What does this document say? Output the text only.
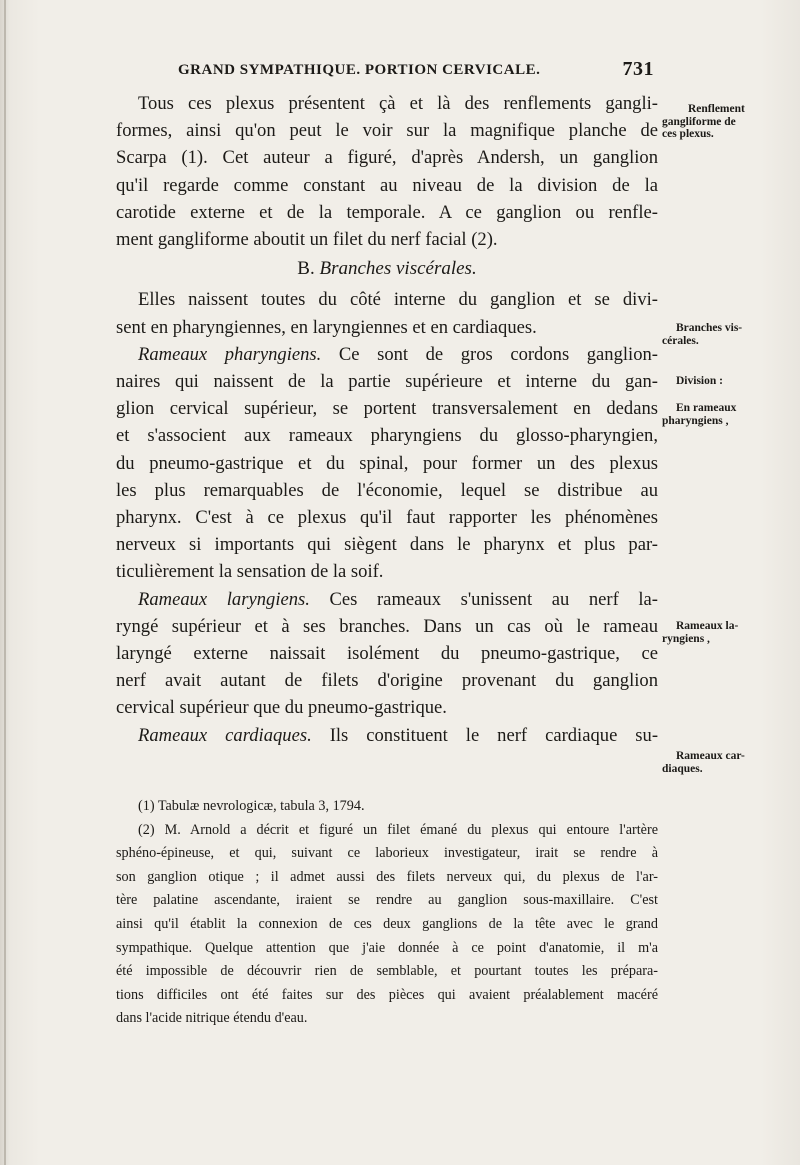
GRAND SYMPATHIQUE. PORTION CERVICALE.	731
Tous ces plexus présentent çà et là des renflements gangli-
formes, ainsi qu'on peut le voir sur la magnifique planche de
Scarpa (1). Cet auteur a figuré, d'après Andersh, un ganglion
qu'il regarde comme constant au niveau de la division de la
carotide externe et de la temporale. A ce ganglion ou renfle-
ment gangliforme aboutit un filet du nerf facial (2).
B. Branches viscérales.
Elles naissent toutes du côté interne du ganglion et se divi-
sent en pharyngiennes, en laryngiennes et en cardiaques.
Rameaux pharyngiens. Ce sont de gros cordons ganglion-
naires qui naissent de la partie supérieure et interne du gan-
glion cervical supérieur, se portent transversalement en dedans
et s'associent aux rameaux pharyngiens du glosso-pharyngien,
du pneumo-gastrique et du spinal, pour former un des plexus
les plus remarquables de l'économie, lequel se distribue au
pharynx. C'est à ce plexus qu'il faut rapporter les phénomènes
nerveux si importants qui siègent dans le pharynx et plus par-
ticulièrement la sensation de la soif.
Rameaux laryngiens. Ces rameaux s'unissent au nerf la-
ryngé supérieur et à ses branches. Dans un cas où le rameau
laryngé externe naissait isolément du pneumo-gastrique, ce
nerf avait autant de filets d'origine provenant du ganglion
cervical supérieur que du pneumo-gastrique.
Rameaux cardiaques. Ils constituent le nerf cardiaque su-
Renflement
gangliforme de
ces plexus.
Branches vis-
cérales.
Division :
En rameaux
pharyngiens ,
Rameaux la-
ryngiens ,
Rameaux car-
diaques.
(1) Tabulæ nevrologicæ, tabula 3, 1794.
(2) M. Arnold a décrit et figuré un filet émané du plexus qui entoure l'artère
sphéno-épineuse, et qui, suivant ce laborieux investigateur, irait se rendre à
son ganglion otique ; il admet aussi des filets nerveux qui, du plexus de l'ar-
tère palatine ascendante, iraient se rendre au ganglion sous-maxillaire. C'est
ainsi qu'il établit la connexion de ces deux ganglions de la tête avec le grand
sympathique. Quelque attention que j'aie donnée à ce point d'anatomie, il m'a
été impossible de découvrir rien de semblable, et pourtant toutes les prépara-
tions difficiles ont été faites sur des pièces qui avaient préalablement macéré
dans l'acide nitrique étendu d'eau.
